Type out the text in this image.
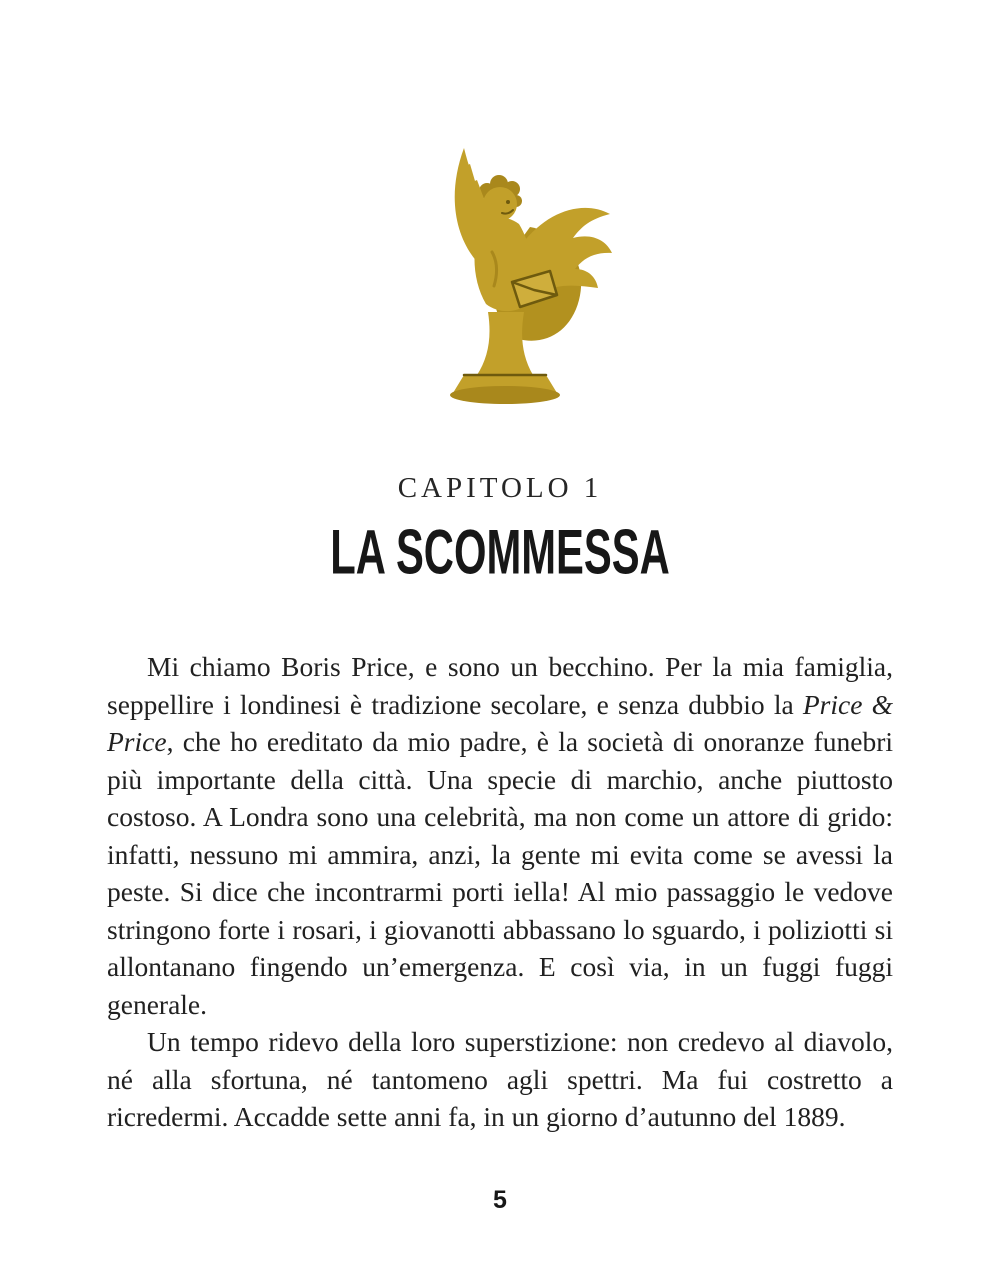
CAPITOLO 1
LA SCOMMESSA

Mi chiamo Boris Price, e sono un becchino. Per la mia famiglia, seppellire i londinesi è tradizione secolare, e senza dubbio la Price & Price, che ho ereditato da mio padre, è la società di onoranze funebri più importante della città. Una specie di marchio, anche piuttosto costoso. A Londra sono una celebrità, ma non come un attore di grido: infatti, nessuno mi ammira, anzi, la gente mi evita come se avessi la peste. Si dice che incontrarmi porti iella! Al mio passaggio le vedove stringono forte i rosari, i giovanotti abbassano lo sguardo, i poliziotti si allontanano fingendo un’emergenza. E così via, in un fuggi fuggi generale.

Un tempo ridevo della loro superstizione: non credevo al diavolo, né alla sfortuna, né tantomeno agli spettri. Ma fui costretto a ricredermi. Accadde sette anni fa, in un giorno d’autunno del 1889.

5
